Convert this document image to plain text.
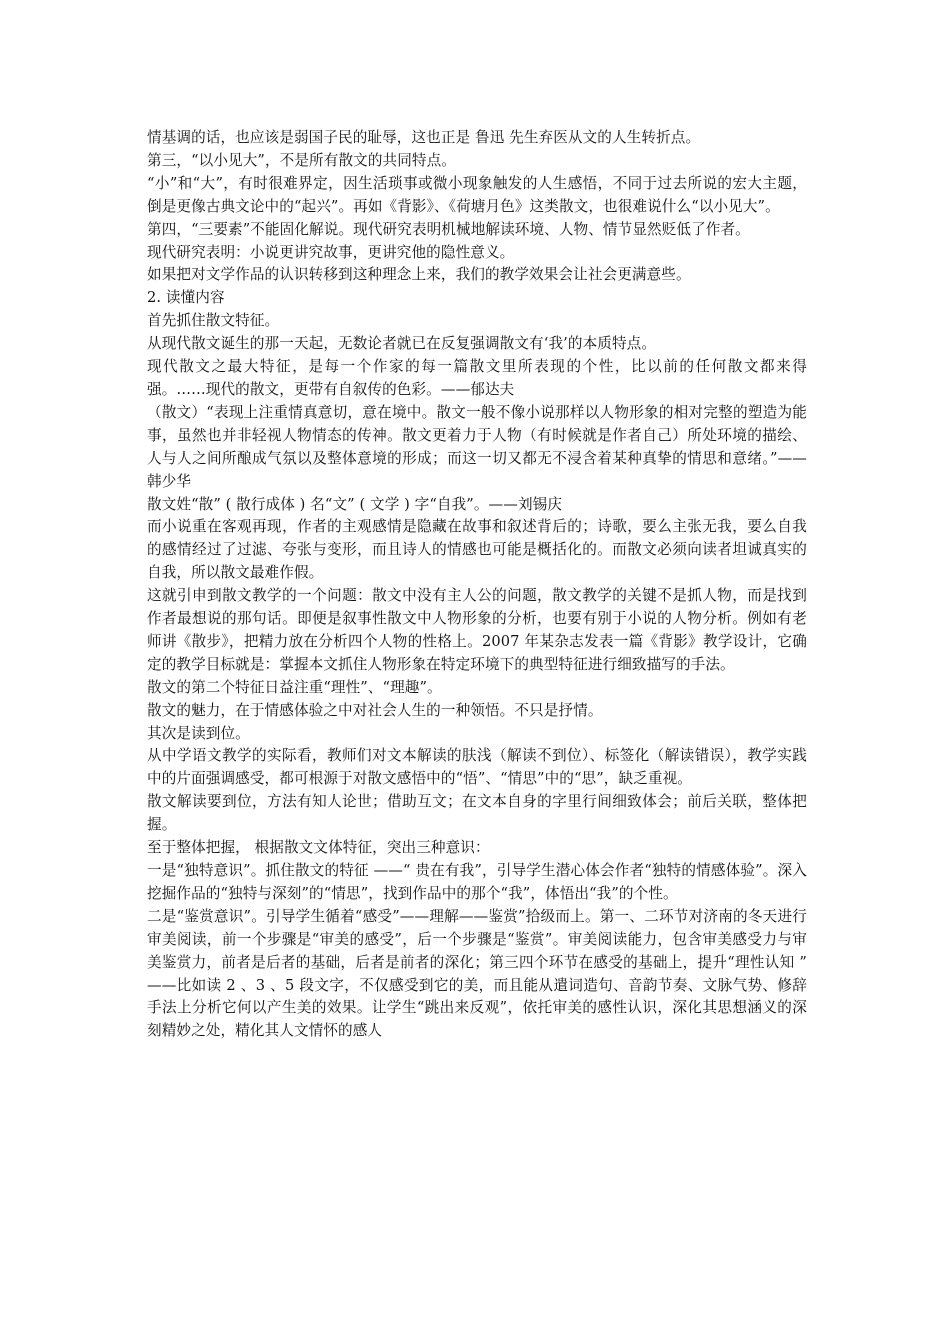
情基调的话，也应该是弱国子民的耻辱，这也正是 鲁迅 先生弃医从文的人生转折点。

第三，“以小见大”，不是所有散文的共同特点。

“小”和“大”，有时很难界定，因生活琐事或微小现象触发的人生感悟，不同于过去所说的宏大主题，倒是更像古典文论中的“起兴”。再如《背影》、《荷塘月色》这类散文，也很难说什么“以小见大”。

第四，“三要素”不能固化解说。现代研究表明机械地解读环境、人物、情节显然贬低了作者。

现代研究表明：小说更讲究故事，更讲究他的隐性意义。

如果把对文学作品的认识转移到这种理念上来，我们的教学效果会让社会更满意些。

2. 读懂内容

首先抓住散文特征。

从现代散文诞生的那一天起，无数论者就已在反复强调散文有‘我’的本质特点。

现代散文之最大特征，是每一个作家的每一篇散文里所表现的个性，比以前的任何散文都来得强。……现代的散文，更带有自叙传的色彩。——郁达夫

（散文）“表现上注重情真意切，意在境中。散文一般不像小说那样以人物形象的相对完整的塑造为能事，虽然也并非轻视人物情态的传神。散文更着力于人物（有时候就是作者自己）所处环境的描绘、人与人之间所酿成气氛以及整体意境的形成；而这一切又都无不浸含着某种真挚的情思和意绪。”——韩少华

散文姓“散” ( 散行成体 ) 名“文” ( 文学 ) 字“自我”。——刘锡庆

而小说重在客观再现，作者的主观感情是隐藏在故事和叙述背后的；诗歌，要么主张无我，要么自我的感情经过了过滤、夸张与变形，而且诗人的情感也可能是概括化的。而散文必须向读者坦诚真实的自我，所以散文最难作假。

这就引申到散文教学的一个问题：散文中没有主人公的问题，散文教学的关键不是抓人物，而是找到作者最想说的那句话。即便是叙事性散文中人物形象的分析，也要有别于小说的人物分析。例如有老师讲《散步》，把精力放在分析四个人物的性格上。2007 年某杂志发表一篇《背影》教学设计，它确定的教学目标就是：掌握本文抓住人物形象在特定环境下的典型特征进行细致描写的手法。

散文的第二个特征日益注重“理性”、“理趣”。

散文的魅力，在于情感体验之中对社会人生的一种领悟。不只是抒情。

其次是读到位。

从中学语文教学的实际看，教师们对文本解读的肤浅（解读不到位）、标签化（解读错误），教学实践中的片面强调感受，都可根源于对散文感悟中的“悟”、“情思”中的“思”，缺乏重视。

散文解读要到位，方法有知人论世；借助互文；在文本自身的字里行间细致体会；前后关联，整体把握。

至于整体把握， 根据散文文体特征，突出三种意识：

一是“独特意识”。抓住散文的特征 ——“ 贵在有我”，引导学生潜心体会作者“独特的情感体验”。深入挖掘作品的“独特与深刻”的“情思”，找到作品中的那个“我”，体悟出“我”的个性。

二是“鉴赏意识”。引导学生循着“感受”——理解——鉴赏”拾级而上。第一、二环节对济南的冬天进行审美阅读，前一个步骤是“审美的感受”，后一个步骤是“鉴赏”。审美阅读能力，包含审美感受力与审美鉴赏力，前者是后者的基础，后者是前者的深化；第三四个环节在感受的基础上，提升“理性认知 ” ——比如读 2 、3 、5 段文字，不仅感受到它的美，而且能从遣词造句、音韵节奏、文脉气势、修辞手法上分析它何以产生美的效果。让学生“跳出来反观”，依托审美的感性认识，深化其思想涵义的深刻精妙之处，精化其人文情怀的感人
